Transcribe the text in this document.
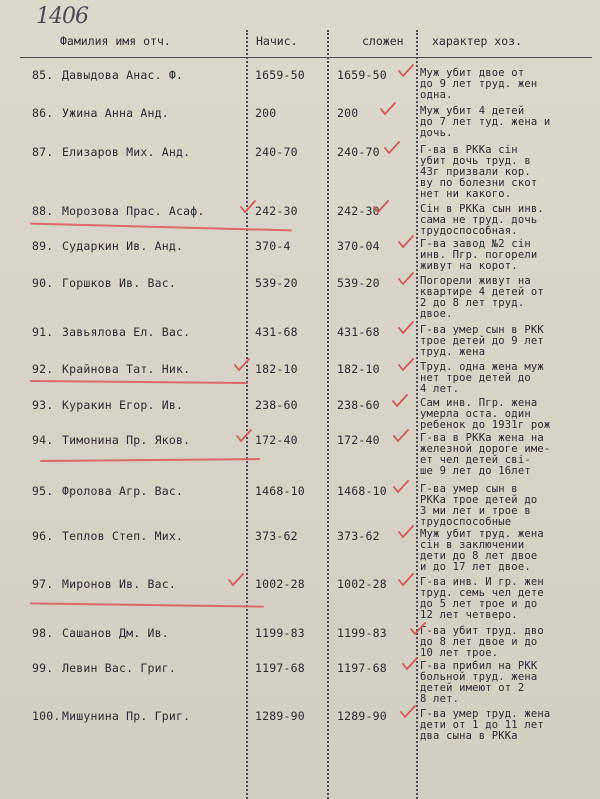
1406
Фамилия имя отч.	Начис.	сложен характер хоз.
85. Давыдова Анас. Ф.	1659-50	1659-50	Муж убит двое от
до 9 лет труд. жен
одна.
86. Ужина Анна Анд.	200	200	Муж убит 4 детей
до 7 лет туд. жена и
дочь.
87. Елизаров Мих. Анд.	240-70	240-70	Г-ва в РККа сін
убит дочь труд. в
43г призвали кор.
ву по болезни скот
нет ни какого.
88. Морозова Прас. Асаф.	242-30	242-30	Сін в РККа сын инв.
сама не труд. дочь
трудоспособная.
89. Сударкин Ив. Анд.	370-4	370-04	Г-ва завод №2 сін
инв. Пгр. погорели
живут на корот.
90. Горшков Ив. Вас.	539-20	539-20	Погорели живут на
квартире 4 детей от
2 до 8 лет труд.
двое.
91. Завьялова Ел. Вас.	431-68	431-68	Г-ва умер сын в РКК
трое детей до 9 лет
труд. жена
92. Крайнова Тат. Ник.	182-10	182-10	Труд. одна жена муж
нет трое детей до
4 лет.
93. Куракин Егор. Ив.	238-60	238-60	Сам инв. Пгр. жена
умерла оста. один
ребенок до 1931г рож
94. Тимонина Пр. Яков.	172-40	172-40	Г-ва в РККа жена на
железной дороге име-
ет чел детей сві-
ше 9 лет до 16лет
95. Фролова Агр. Вас.	1468-10	1468-10	Г-ва умер сын в
РККа трое детей до
3 ми лет и трое в
трудоспособные
96. Теплов Степ. Мих.	373-62	373-62	Муж убит труд. жена
сін в заключении
дети до 8 лет двое
и до 17 лет двое.
97. Миронов Ив. Вас.	1002-28	1002-28	Г-ва инв. И гр. жен
труд. семь чел дете
до 5 лет трое и до
12 лет четверо.
98. Сашанов Дм. Ив.	1199-83	1199-83	Г-ва убит труд. дво
до 8 лет двое и до
10 лет трое.
99. Левин Вас. Григ.	1197-68	1197-68	Г-ва прибил на РКК
больной труд. жена
детей имеют от 2
8 лет.
100. Мишунина Пр. Григ.	1289-90	1289-90	Г-ва умер труд. жена
дети от 1 до 11 лет
два сына в РККа
